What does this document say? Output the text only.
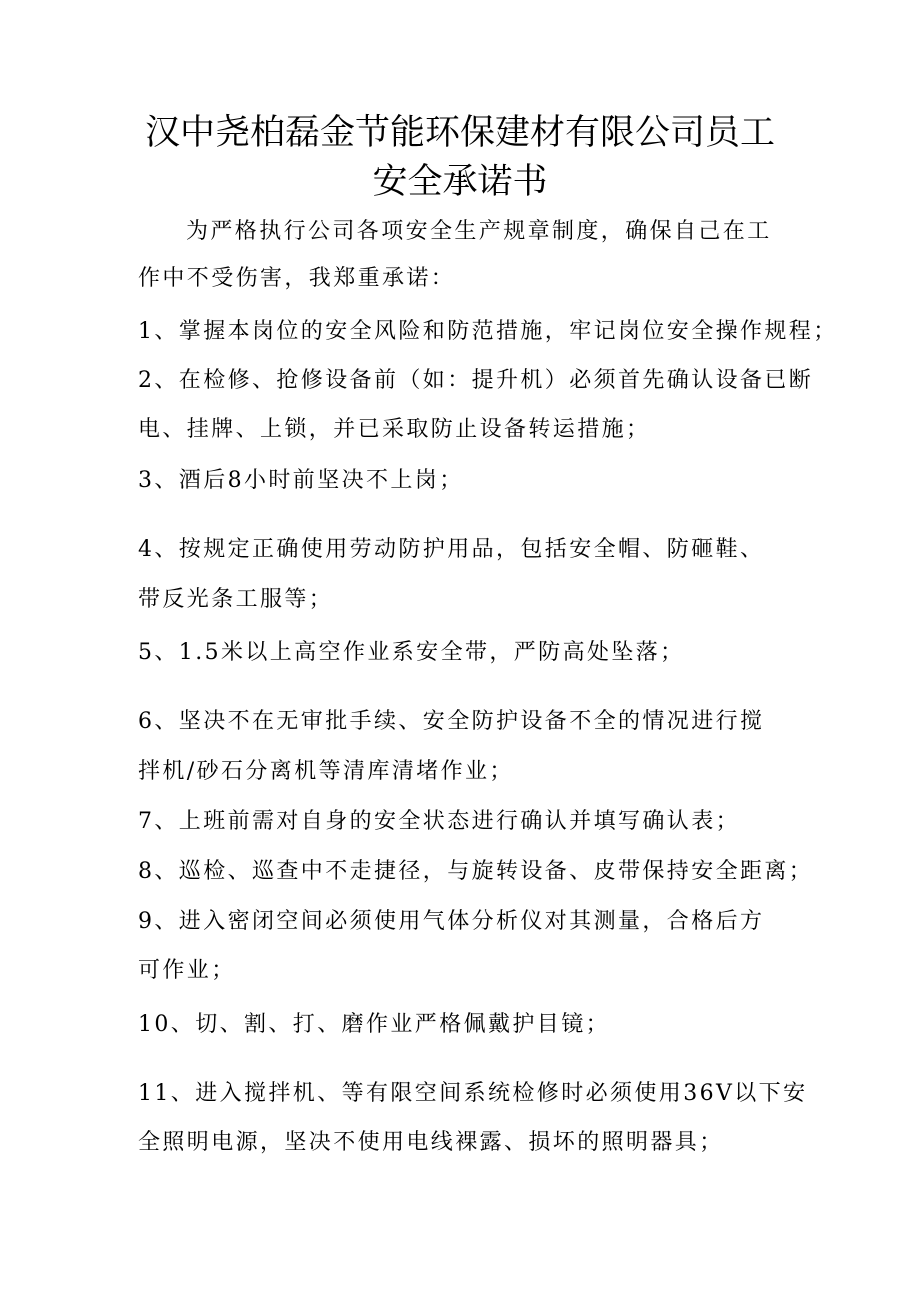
汉中尧柏磊金节能环保建材有限公司员工
安全承诺书
为严格执行公司各项安全生产规章制度，确保自己在工
作中不受伤害，我郑重承诺：
1、掌握本岗位的安全风险和防范措施，牢记岗位安全操作规程；
2、在检修、抢修设备前（如：提升机）必须首先确认设备已断
电、挂牌、上锁，并已采取防止设备转运措施；
3、酒后8小时前坚决不上岗；
4、按规定正确使用劳动防护用品，包括安全帽、防砸鞋、
带反光条工服等；
5、1.5米以上高空作业系安全带，严防高处坠落；
6、坚决不在无审批手续、安全防护设备不全的情况进行搅
拌机/砂石分离机等清库清堵作业；
7、上班前需对自身的安全状态进行确认并填写确认表；
8、巡检、巡查中不走捷径，与旋转设备、皮带保持安全距离；
9、进入密闭空间必须使用气体分析仪对其测量，合格后方
可作业；
10、切、割、打、磨作业严格佩戴护目镜；
11、进入搅拌机、等有限空间系统检修时必须使用36V以下安
全照明电源，坚决不使用电线裸露、损坏的照明器具；
